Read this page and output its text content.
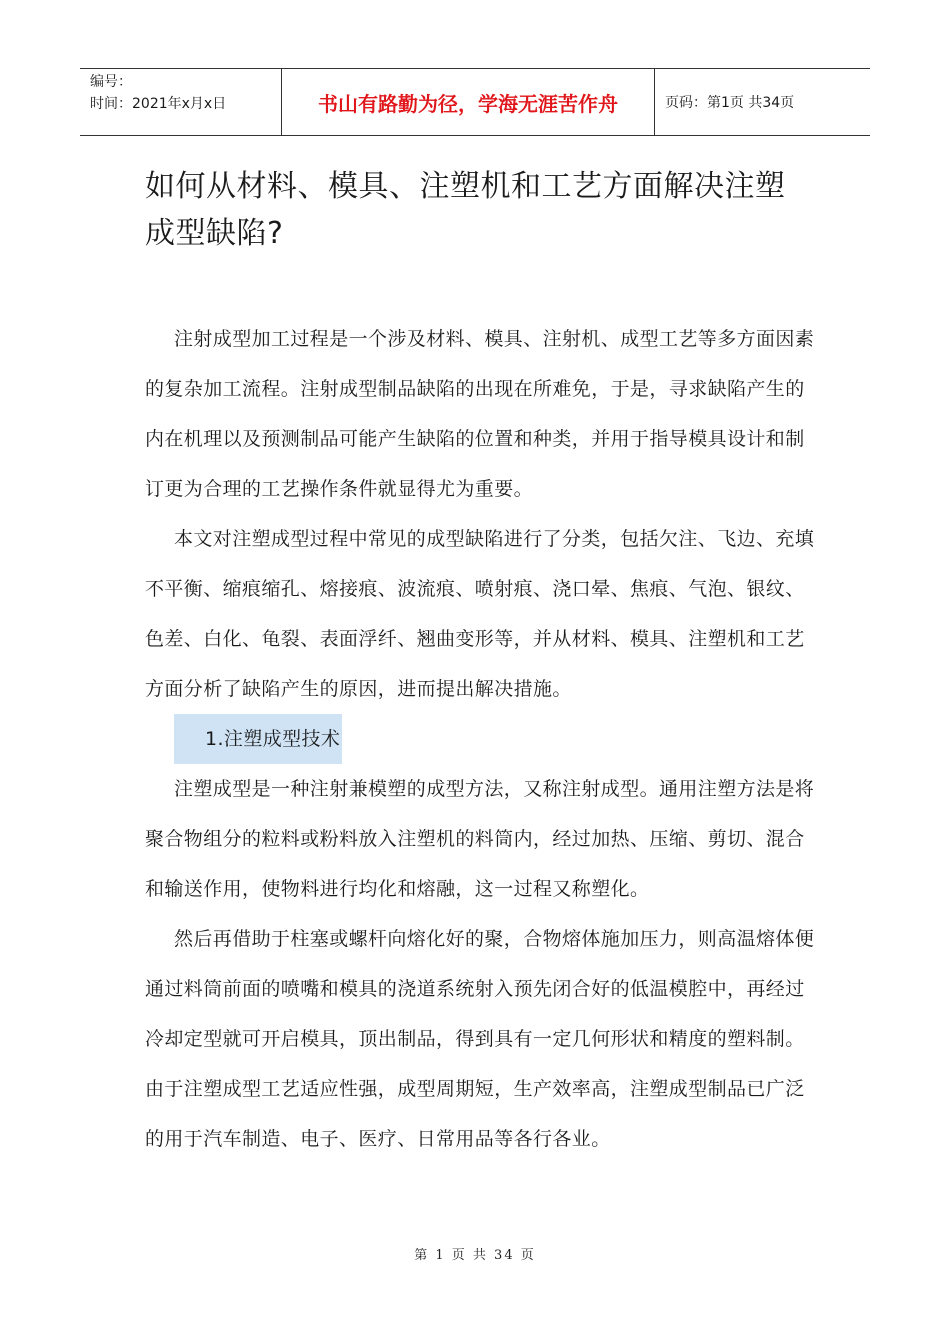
编号：
时间：2021年x月x日	书山有路勤为径，学海无涯苦作舟	页码：第1页 共34页
如何从材料、模具、注塑机和工艺方面解决注塑成型缺陷?

注射成型加工过程是一个涉及材料、模具、注射机、成型工艺等多方面因素的复杂加工流程。注射成型制品缺陷的出现在所难免，于是，寻求缺陷产生的内在机理以及预测制品可能产生缺陷的位置和种类，并用于指导模具设计和制订更为合理的工艺操作条件就显得尤为重要。

本文对注塑成型过程中常见的成型缺陷进行了分类，包括欠注、飞边、充填不平衡、缩痕缩孔、熔接痕、波流痕、喷射痕、浇口晕、焦痕、气泡、银纹、色差、白化、龟裂、表面浮纤、翘曲变形等，并从材料、模具、注塑机和工艺方面分析了缺陷产生的原因，进而提出解决措施。

1.注塑成型技术

注塑成型是一种注射兼模塑的成型方法，又称注射成型。通用注塑方法是将聚合物组分的粒料或粉料放入注塑机的料筒内，经过加热、压缩、剪切、混合和输送作用，使物料进行均化和熔融，这一过程又称塑化。

然后再借助于柱塞或螺杆向熔化好的聚，合物熔体施加压力，则高温熔体便通过料筒前面的喷嘴和模具的浇道系统射入预先闭合好的低温模腔中，再经过冷却定型就可开启模具，顶出制品，得到具有一定几何形状和精度的塑料制。由于注塑成型工艺适应性强，成型周期短，生产效率高，注塑成型制品已广泛的用于汽车制造、电子、医疗、日常用品等各行各业。

第 1 页 共 34 页
